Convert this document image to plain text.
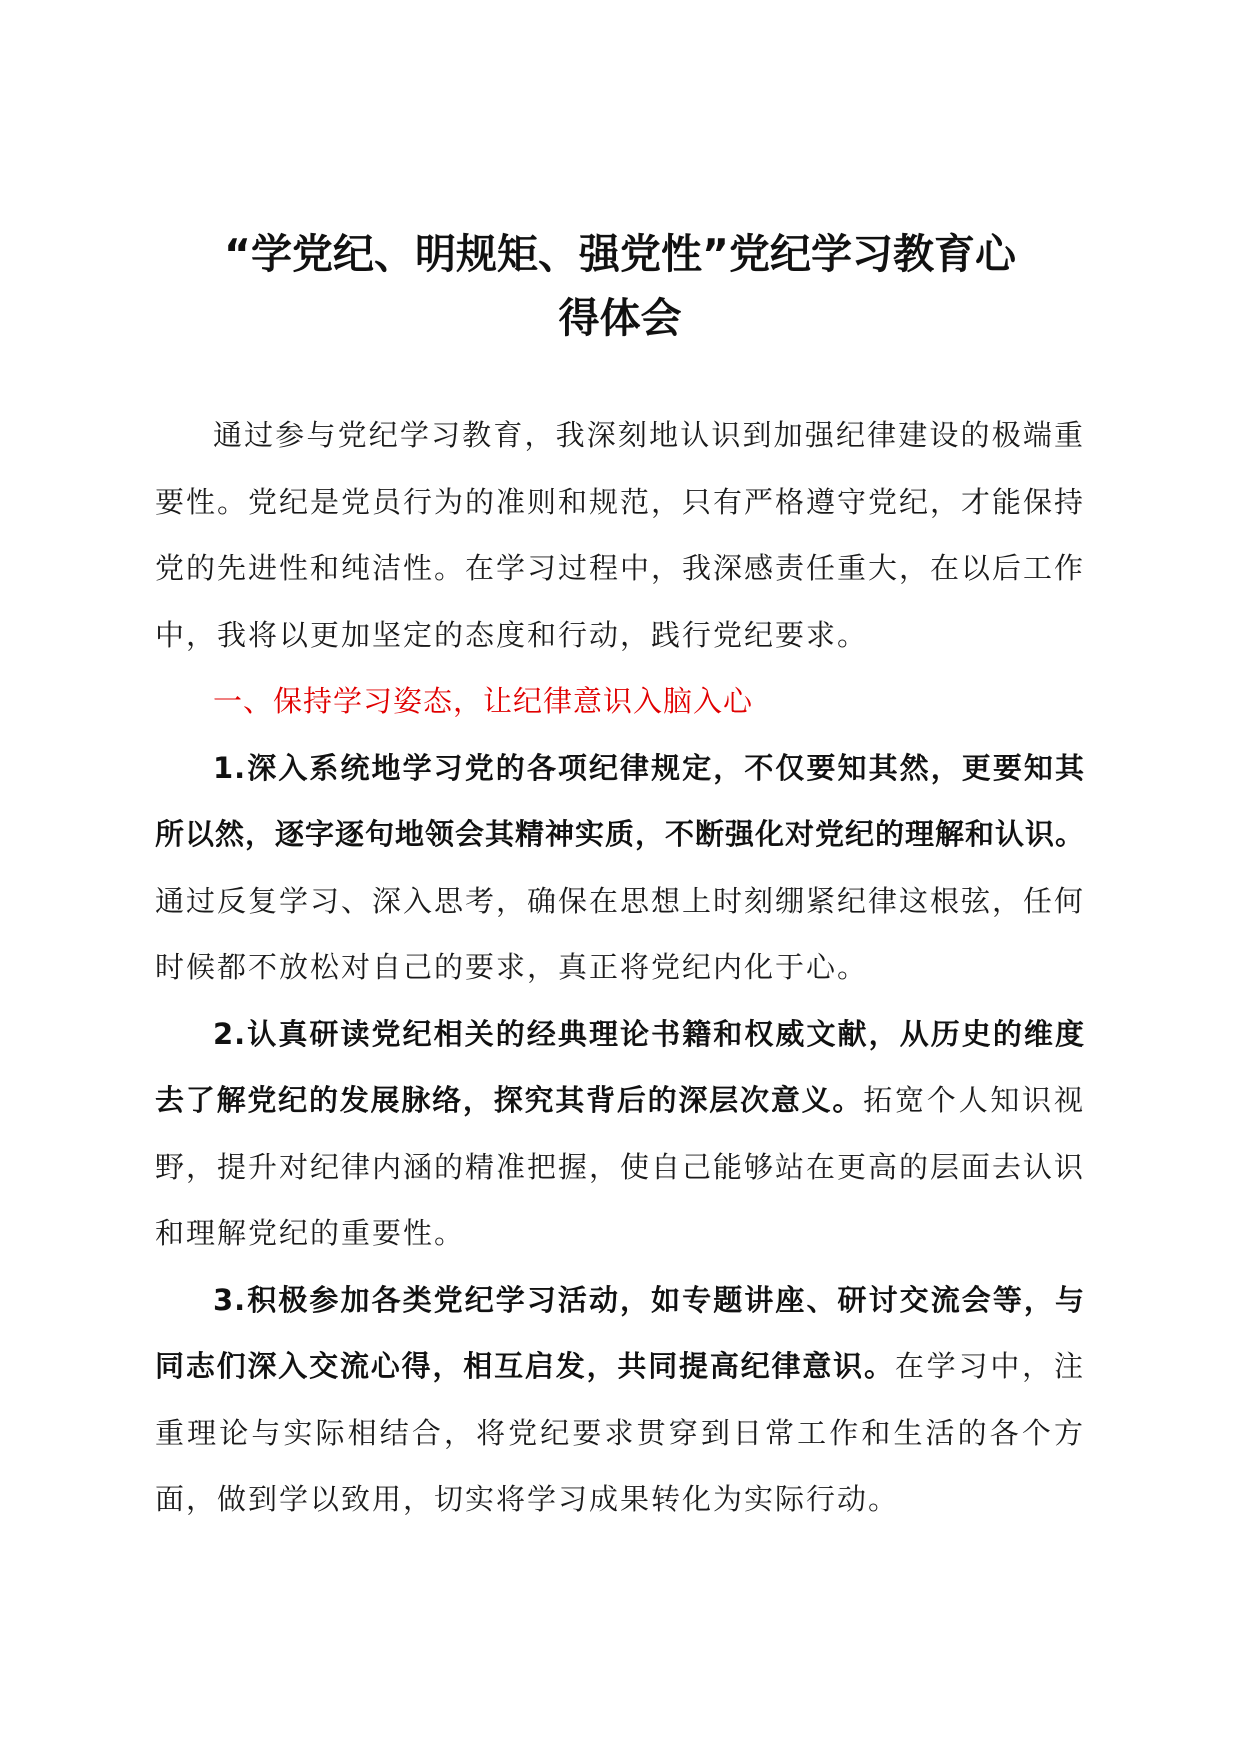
“学党纪、明规矩、强党性”党纪学习教育心
得体会

通过参与党纪学习教育，我深刻地认识到加强纪律建设的极端重要性。党纪是党员行为的准则和规范，只有严格遵守党纪，才能保持党的先进性和纯洁性。在学习过程中，我深感责任重大，在以后工作中，我将以更加坚定的态度和行动，践行党纪要求。

一、保持学习姿态，让纪律意识入脑入心

1.深入系统地学习党的各项纪律规定，不仅要知其然，更要知其所以然，逐字逐句地领会其精神实质，不断强化对党纪的理解和认识。通过反复学习、深入思考，确保在思想上时刻绷紧纪律这根弦，任何时候都不放松对自己的要求，真正将党纪内化于心。

2.认真研读党纪相关的经典理论书籍和权威文献，从历史的维度去了解党纪的发展脉络，探究其背后的深层次意义。拓宽个人知识视野，提升对纪律内涵的精准把握，使自己能够站在更高的层面去认识和理解党纪的重要性。

3.积极参加各类党纪学习活动，如专题讲座、研讨交流会等，与同志们深入交流心得，相互启发，共同提高纪律意识。在学习中，注重理论与实际相结合，将党纪要求贯穿到日常工作和生活的各个方面，做到学以致用，切实将学习成果转化为实际行动。
